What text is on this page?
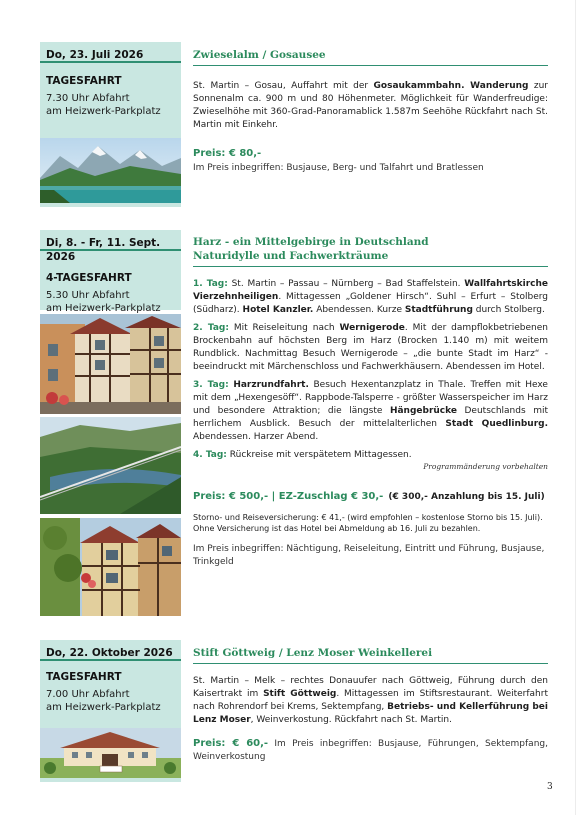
Do, 23. Juli 2026
TAGESFAHRT
7.30 Uhr Abfahrt
am Heizwerk-Parkplatz
Zwieselalm / Gosausee
St. Martin – Gosau, Auffahrt mit der Gosaukammbahn. Wanderung zur Sonnenalm ca. 900 m und 80 Höhenmeter. Möglichkeit für Wanderfreudige: Zwieselhöhe mit 360-Grad-Panoramablick 1.587m Seehöhe Rückfahrt nach St. Martin mit Einkehr.
Preis: € 80,-
Im Preis inbegriffen: Busjause, Berg- und Talfahrt und Bratlessen
Di, 8. - Fr, 11. Sept. 2026
4-TAGESFAHRT
5.30 Uhr Abfahrt
am Heizwerk-Parkplatz
Harz - ein Mittelgebirge in Deutschland
Naturidylle und Fachwerkträume
1. Tag: St. Martin – Passau – Nürnberg – Bad Staffelstein. Wallfahrtskirche Vierzehnheiligen. Mittagessen „Goldener Hirsch“. Suhl – Erfurt – Stolberg (Südharz). Hotel Kanzler. Abendessen. Kurze Stadtführung durch Stolberg.
2. Tag: Mit Reiseleitung nach Wernigerode. Mit der dampflokbetriebenen Brockenbahn auf höchsten Berg im Harz (Brocken 1.140 m) mit weitem Rundblick. Nachmittag Besuch Wernigerode – „die bunte Stadt im Harz“ - beeindruckt mit Märchenschloss und Fachwerkhäusern. Abendessen im Hotel.
3. Tag: Harzrundfahrt. Besuch Hexentanzplatz in Thale. Treffen mit Hexe mit dem „Hexengesöff“. Rappbode-Talsperre - größter Wasserspeicher im Harz und besondere Attraktion; die längste Hängebrücke Deutschlands mit herrlichem Ausblick. Besuch der mittelalterlichen Stadt Quedlinburg. Abendessen. Harzer Abend.
4. Tag: Rückreise mit verspätetem Mittagessen.
Programmänderung vorbehalten
Preis: € 500,- | EZ-Zuschlag € 30,- (€ 300,- Anzahlung bis 15. Juli)
Storno- und Reiseversicherung: € 41,- (wird empfohlen – kostenlose Storno bis 15. Juli). Ohne Versicherung ist das Hotel bei Abmeldung ab 16. Juli zu bezahlen.
Im Preis inbegriffen: Nächtigung, Reiseleitung, Eintritt und Führung, Busjause, Trinkgeld
Do, 22. Oktober 2026
TAGESFAHRT
7.00 Uhr Abfahrt
am Heizwerk-Parkplatz
Stift Göttweig / Lenz Moser Weinkellerei
St. Martin – Melk – rechtes Donauufer nach Göttweig, Führung durch den Kaisertrakt im Stift Göttweig. Mittagessen im Stiftsrestaurant. Weiterfahrt nach Rohrendorf bei Krems, Sektempfang, Betriebs- und Kellerführung bei Lenz Moser, Weinverkostung. Rückfahrt nach St. Martin.
Preis: € 60,- Im Preis inbegriffen: Busjause, Führungen, Sektempfang, Weinverkostung
3
